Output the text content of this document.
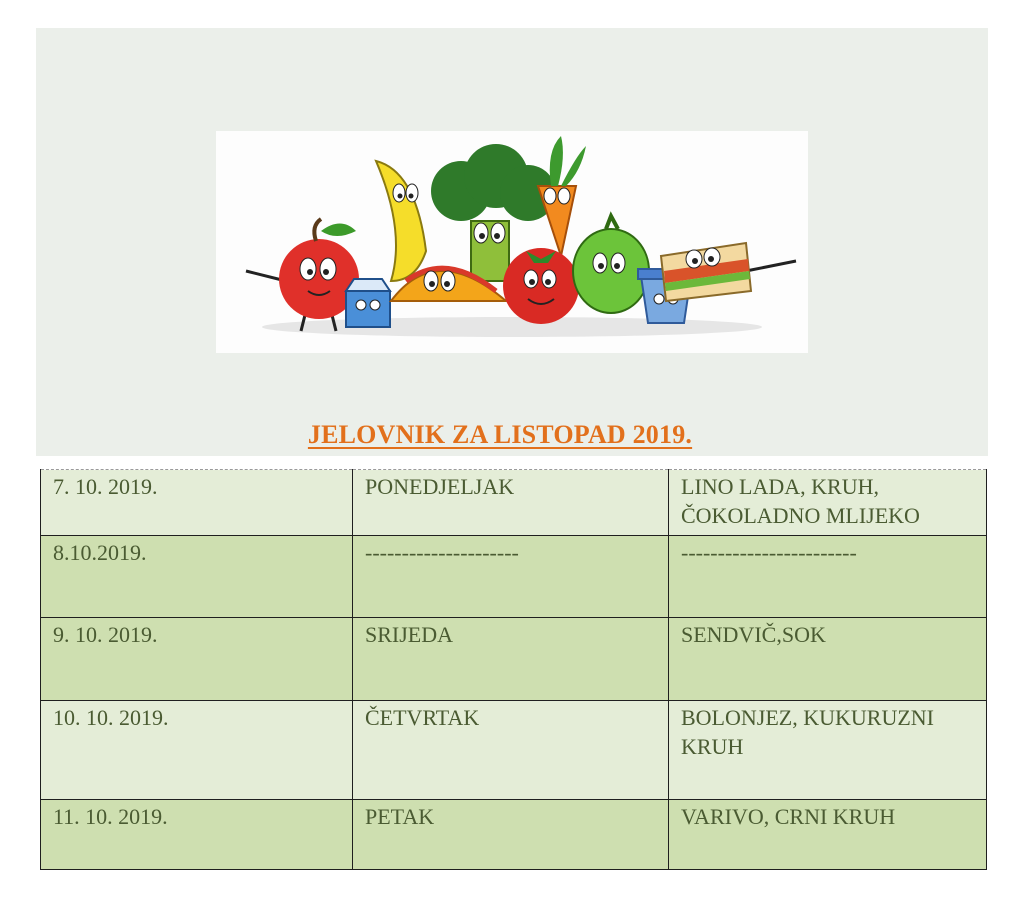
JELOVNIK ZA LISTOPAD 2019.
7. 10. 2019.	PONEDJELJAK	LINO LADA, KRUH, ČOKOLADNO MLIJEKO
8.10.2019.	---------------------	------------------------
9. 10. 2019.	SRIJEDA	SENDVIČ,SOK
10. 10. 2019.	ČETVRTAK	BOLONJEZ, KUKURUZNI KRUH
11. 10. 2019.	PETAK	VARIVO, CRNI KRUH
